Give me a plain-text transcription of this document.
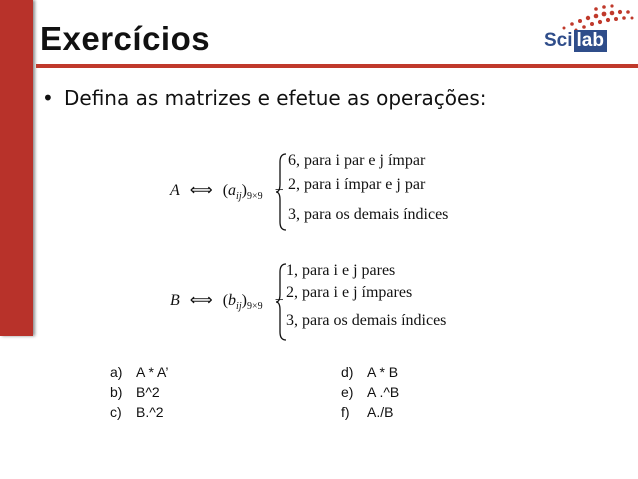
Exercícios	Sci lab
• Defina as matrizes e efetue as operações:
A ⟺ $(a_{ij})_{9\times 9}$ −
6, para i par e j ímpar
2, para i ímpar e j par
3, para os demais índices
B ⟺ $(b_{ij})_{9\times 9}$ −
1, para i e j pares
2, para i e j ímpares
3, para os demais índices
a) A * A’
b) B^2
c) B.^2
d) A * B
e) A .^B
f) A./B
